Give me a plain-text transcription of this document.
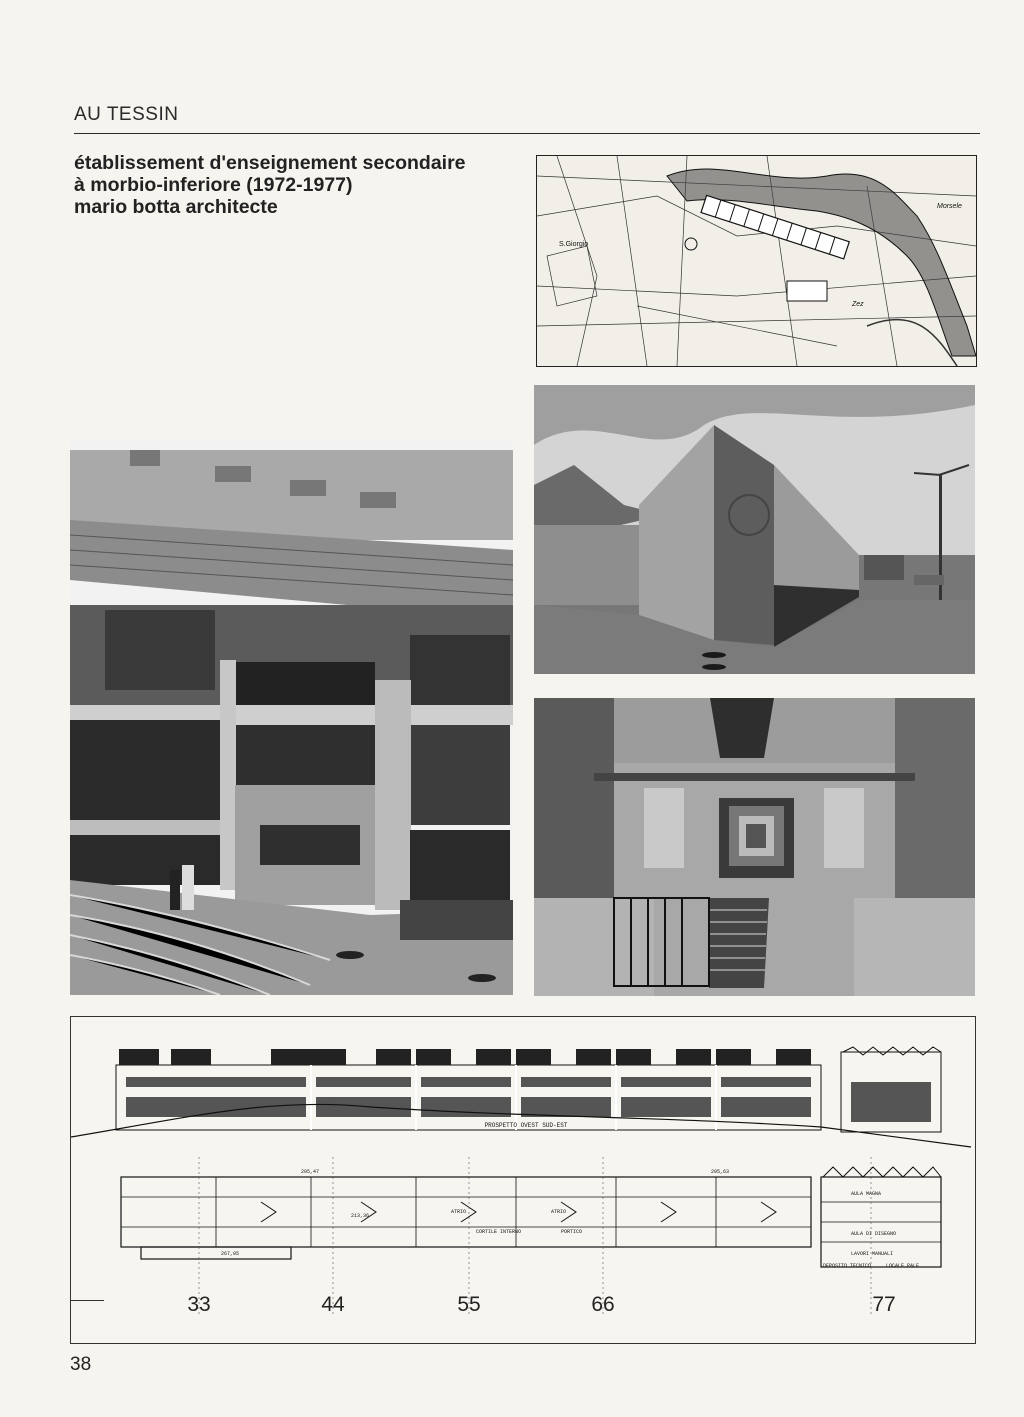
AU TESSIN
établissement d'enseignement secondaire
à morbio-inferiore (1972-1977)
mario botta architecte
S.Giorgio
Morsele
Zez
PROSPETTO OVEST SUD-EST
AULA MAGNA
ATRIO
PORTICO
CORTILE INTERNO
ATRIO
AULA DI DISEGNO
LAVORI MANUALI
LOCALE PALE
DEPOSITO TECNICO
205,47	205,63
267,05
213,36
33	44	55	66	77
38
